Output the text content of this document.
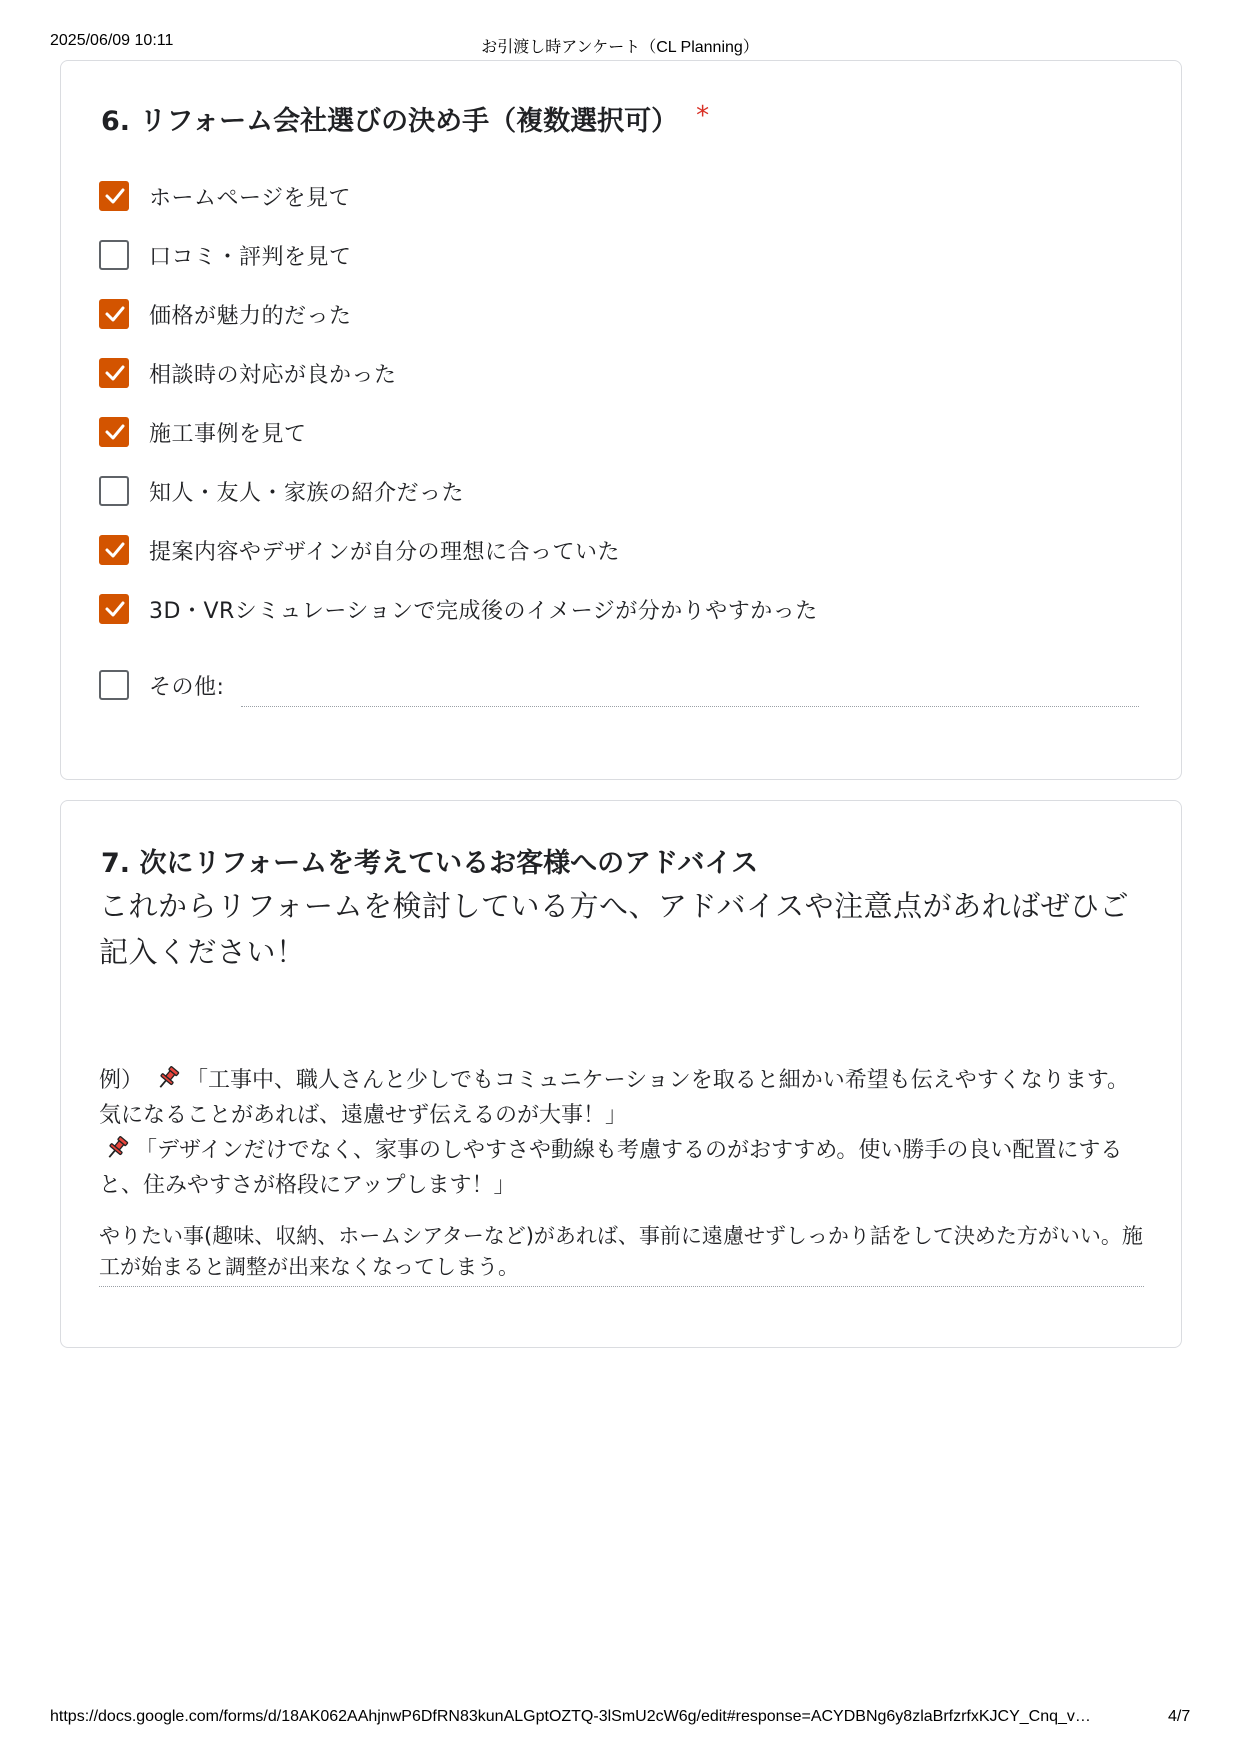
2025/06/09 10:11	お引渡し時アンケート（CL Planning）
6. リフォーム会社選びの決め手（複数選択可） *
ホームページを見て
口コミ・評判を見て
価格が魅力的だった
相談時の対応が良かった
施工事例を見て
知人・友人・家族の紹介だった
提案内容やデザインが自分の理想に合っていた
3D・VRシミュレーションで完成後のイメージが分かりやすかった
その他:
7. 次にリフォームを考えているお客様へのアドバイス
これからリフォームを検討している方へ、アドバイスや注意点があればぜひご記入ください！
例） 「工事中、職人さんと少しでもコミュニケーションを取ると細かい希望も伝えやすくなります。気になることがあれば、遠慮せず伝えるのが大事！」
「デザインだけでなく、家事のしやすさや動線も考慮するのがおすすめ。使い勝手の良い配置にすると、住みやすさが格段にアップします！」
やりたい事(趣味、収納、ホームシアターなど)があれば、事前に遠慮せずしっかり話をして決めた方がいい。施工が始まると調整が出来なくなってしまう。
https://docs.google.com/forms/d/18AK062AAhjnwP6DfRN83kunALGptOZTQ-3lSmU2cW6g/edit#response=ACYDBNg6y8zlaBrfzrfxKJCY_Cnq_v…	4/7
